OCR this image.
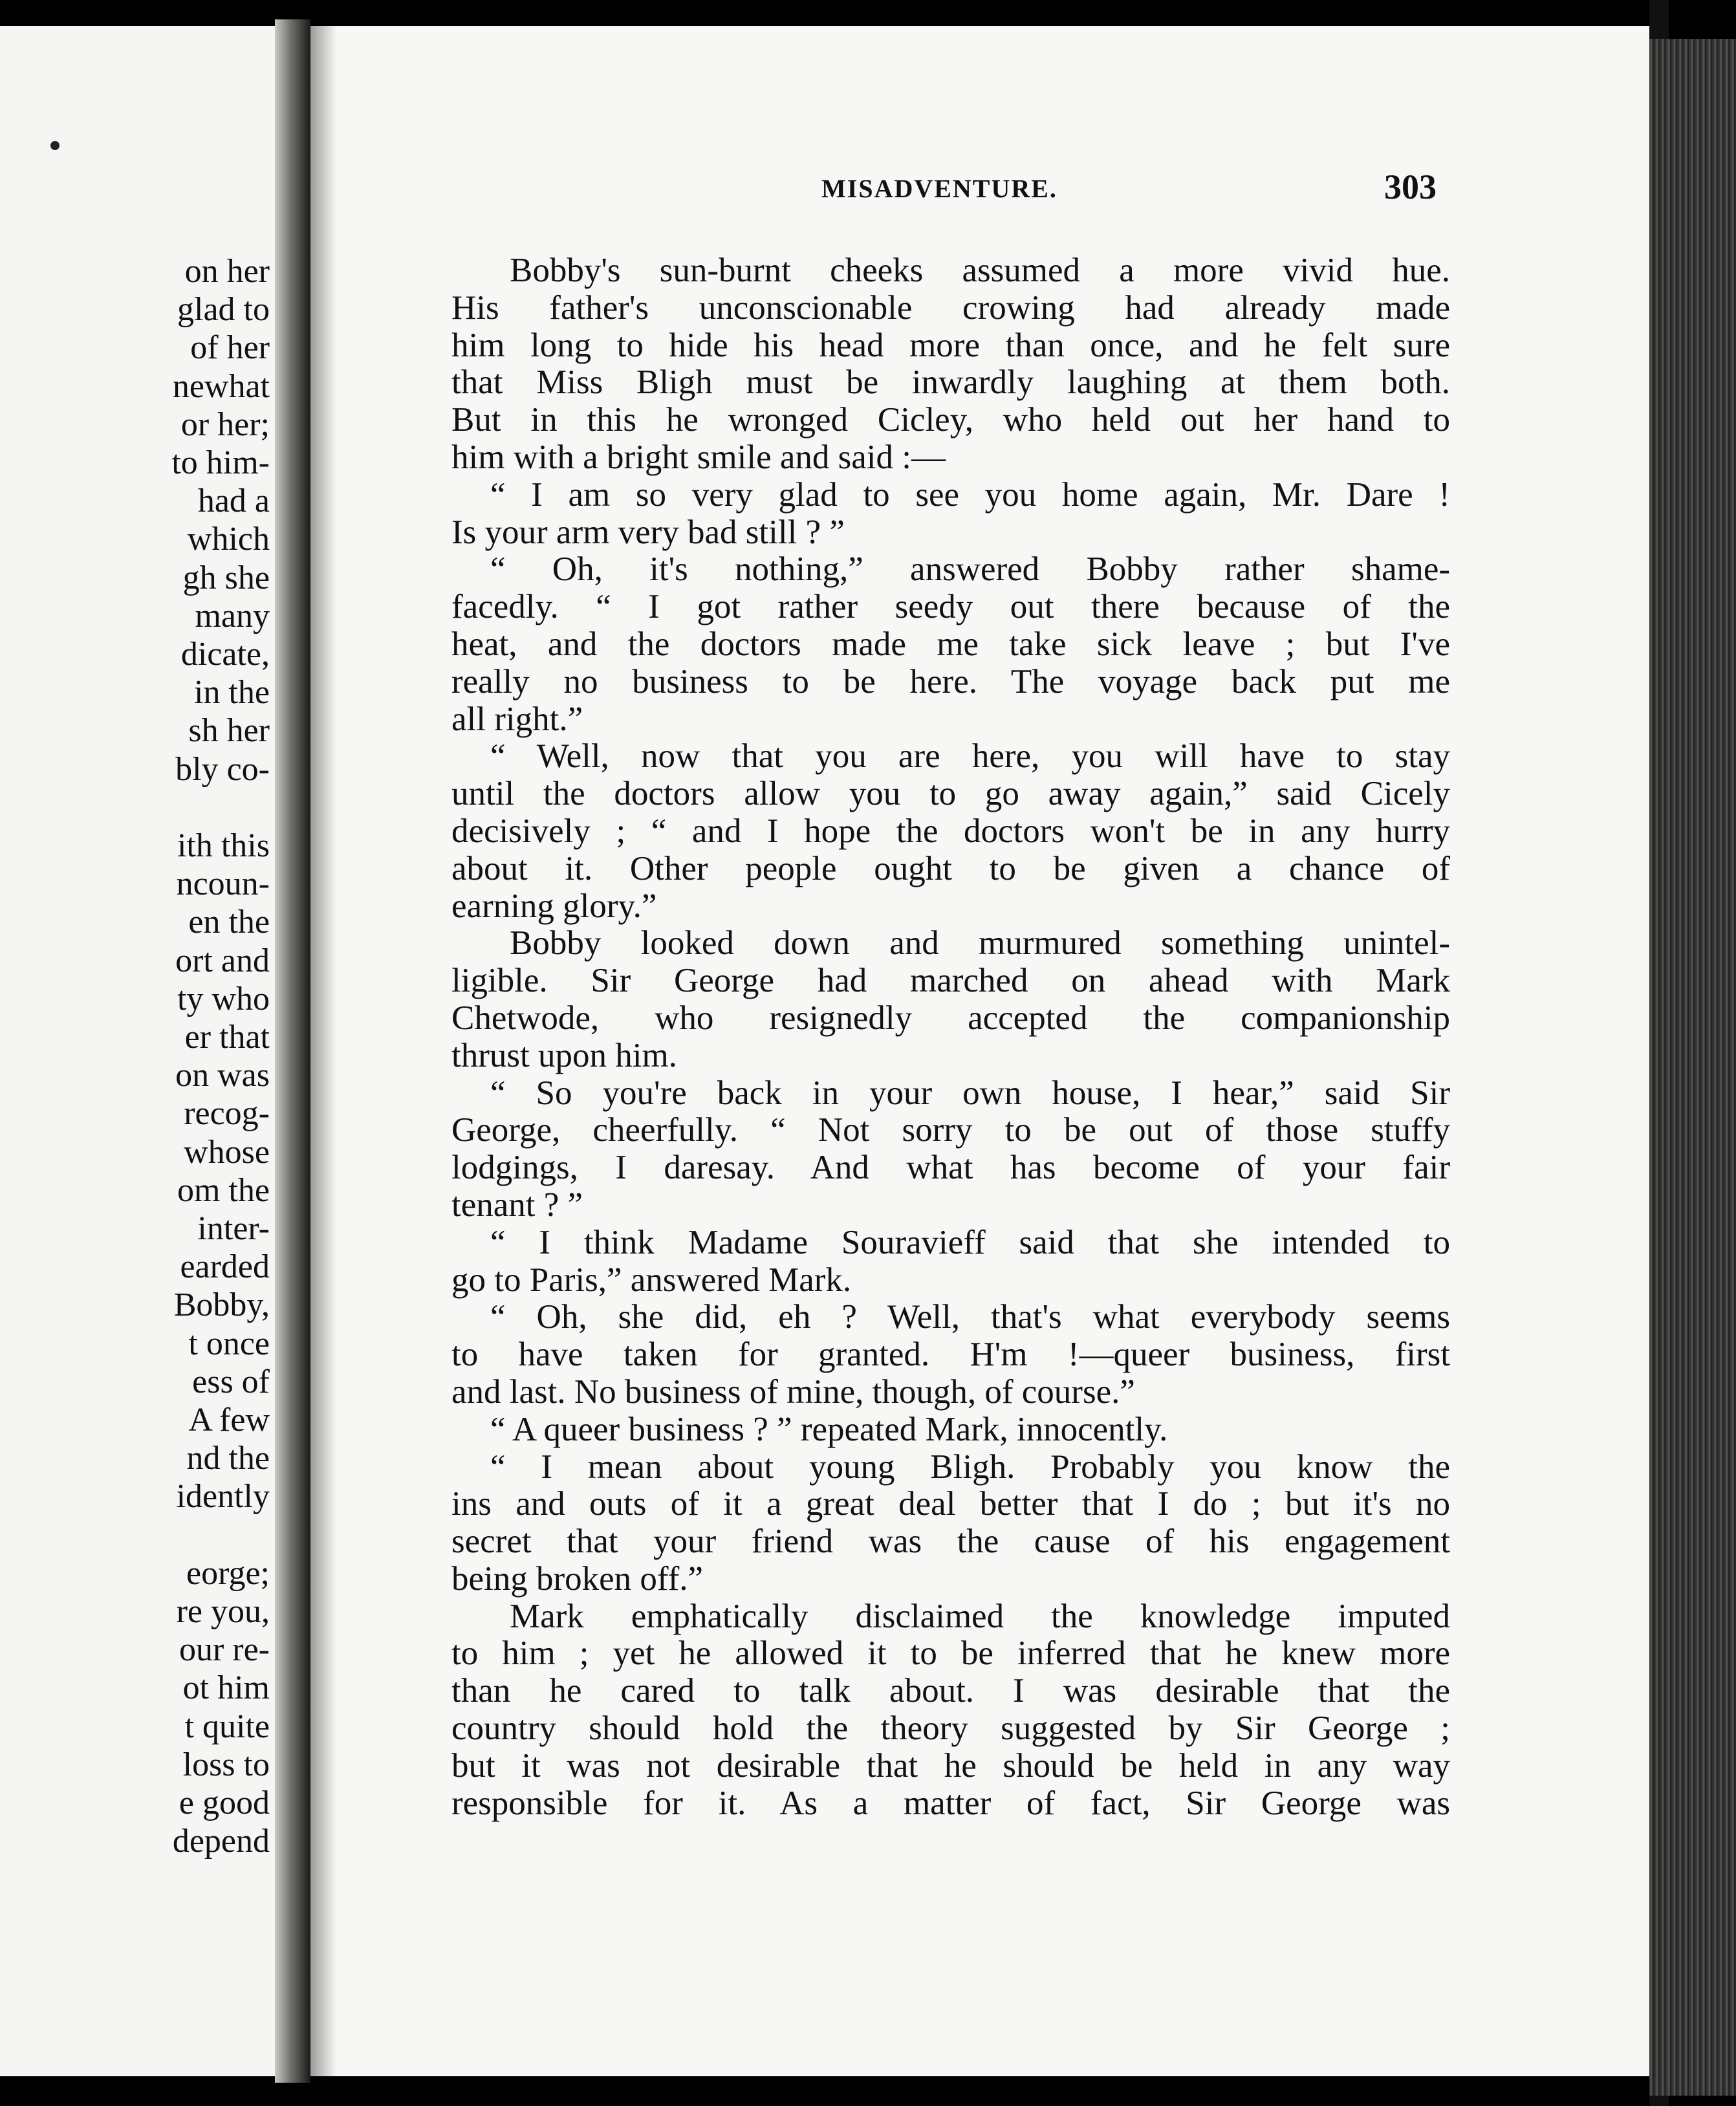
on her
glad to
of her
newhat
or her;
to him-
had a
which
gh she
many
dicate,
in the
sh her
bly co-
ith this
ncoun-
en the
ort and
ty who
er that
on was
recog-
whose
om the
inter-
earded
Bobby,
t once
ess of
A few
nd the
idently
eorge;
re you,
our re-
ot him
t quite
loss to
e good
depend
MISADVENTURE.	303
Bobby's sun-burnt cheeks assumed a more vivid hue.
His father's unconscionable crowing had already made
him long to hide his head more than once, and he felt sure
that Miss Bligh must be inwardly laughing at them both.
But in this he wronged Cicley, who held out her hand to
him with a bright smile and said :—
“ I am so very glad to see you home again, Mr. Dare !
Is your arm very bad still ? ”
“ Oh, it's nothing,” answered Bobby rather shame-
facedly. “ I got rather seedy out there because of the
heat, and the doctors made me take sick leave ; but I've
really no business to be here. The voyage back put me
all right.”
“ Well, now that you are here, you will have to stay
until the doctors allow you to go away again,” said Cicely
decisively ; “ and I hope the doctors won't be in any hurry
about it. Other people ought to be given a chance of
earning glory.”
Bobby looked down and murmured something unintel-
ligible. Sir George had marched on ahead with Mark
Chetwode, who resignedly accepted the companionship
thrust upon him.
“ So you're back in your own house, I hear,” said Sir
George, cheerfully. “ Not sorry to be out of those stuffy
lodgings, I daresay. And what has become of your fair
tenant ? ”
“ I think Madame Souravieff said that she intended to
go to Paris,” answered Mark.
“ Oh, she did, eh ? Well, that's what everybody seems
to have taken for granted. H'm !—queer business, first
and last. No business of mine, though, of course.”
“ A queer business ? ” repeated Mark, innocently.
“ I mean about young Bligh. Probably you know the
ins and outs of it a great deal better that I do ; but it's no
secret that your friend was the cause of his engagement
being broken off.”
Mark emphatically disclaimed the knowledge imputed
to him ; yet he allowed it to be inferred that he knew more
than he cared to talk about. I was desirable that the
country should hold the theory suggested by Sir George ;
but it was not desirable that he should be held in any way
responsible for it. As a matter of fact, Sir George was
